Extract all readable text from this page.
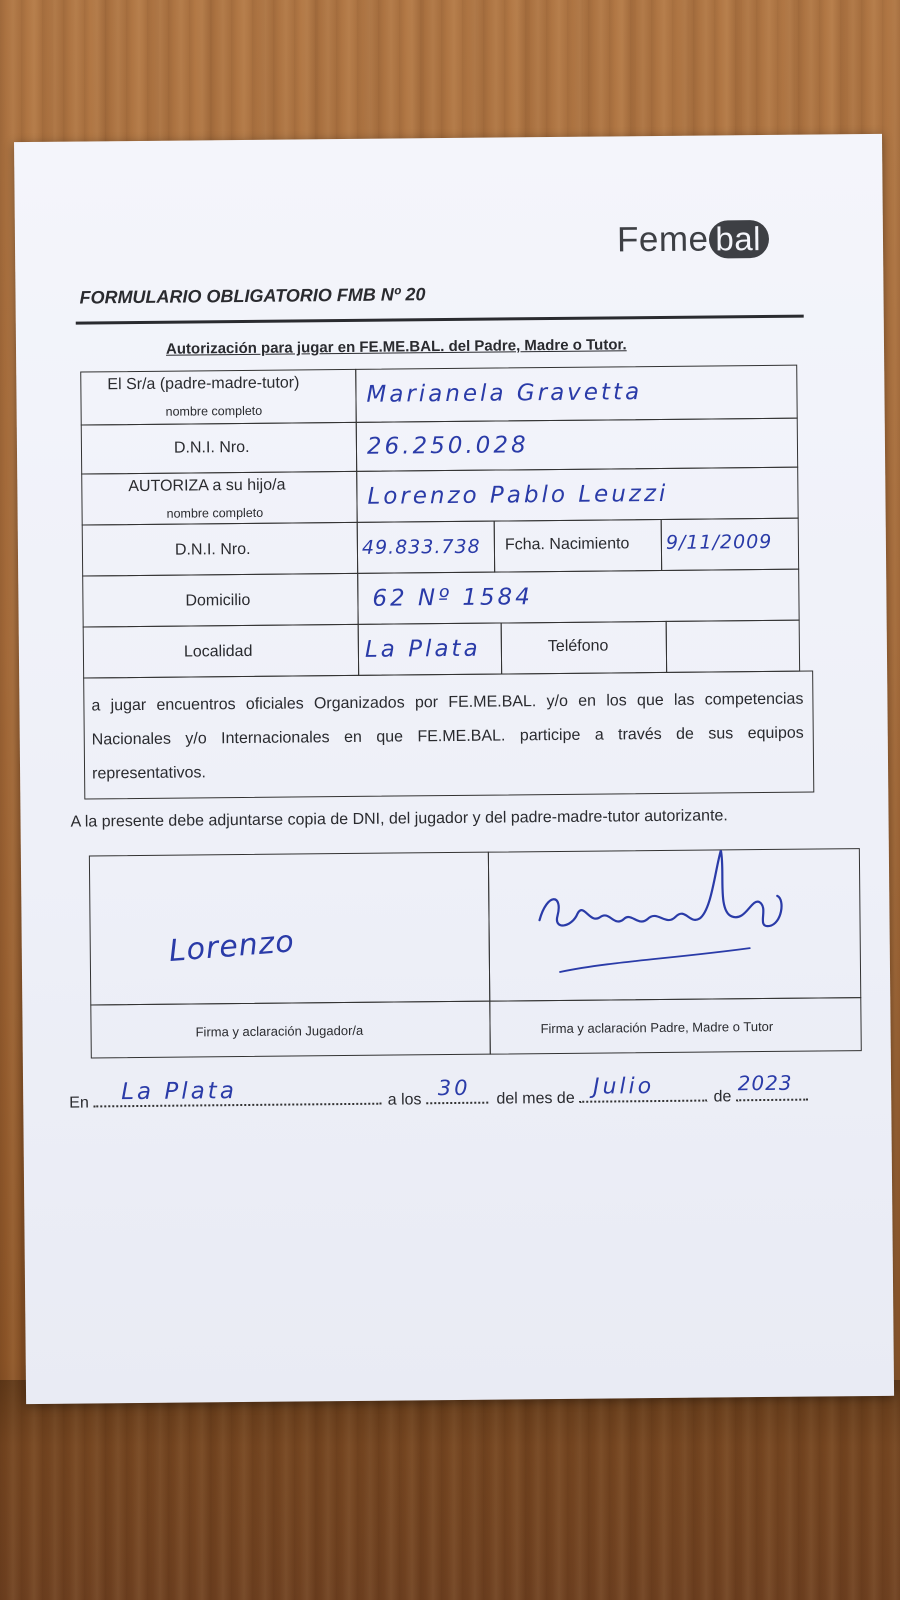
Feme bal
FORMULARIO OBLIGATORIO FMB Nº 20
Autorización para jugar en FE.ME.BAL. del Padre, Madre o Tutor.
El Sr/a (padre-madre-tutor)
nombre completo
Marianela Gravetta
D.N.I. Nro.	26.250.028
AUTORIZA a su hijo/a
nombre completo
Lorenzo Pablo Leuzzi
D.N.I. Nro.	49.833.738 Fcha. Nacimiento 9/11/2009
Domicilio	62 Nº 1584
Localidad	La Plata	Teléfono
a jugar encuentros oficiales Organizados por FE.ME.BAL. y/o en los que las competencias Nacionales y/o Internacionales en que FE.ME.BAL. participe a través de sus equipos representativos.
A la presente debe adjuntarse copia de DNI, del jugador y del padre-madre-tutor autorizante.
Lorenzo
Firma y aclaración Jugador/a	Firma y aclaración Padre, Madre o Tutor
En La Plata	a los 30 del mes de Julio	de
2023
